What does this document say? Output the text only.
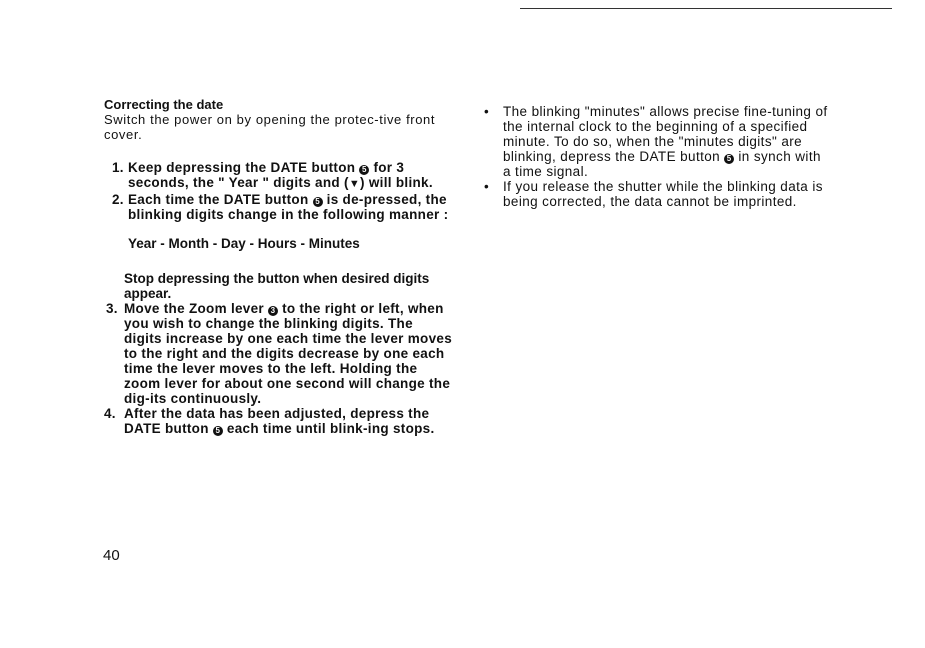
Correcting the date
Switch the power on by opening the protec-tive front cover.
1. Keep depressing the DATE button 5 for 3 seconds, the " Year " digits and (▼) will blink.
2. Each time the DATE button 5 is de-pressed, the blinking digits change in the following manner :
Year - Month - Day - Hours - Minutes
Stop depressing the button when desired digits appear.
3. Move the Zoom lever 3 to the right or left, when you wish to change the blinking digits. The digits increase by one each time the lever moves to the right and the digits decrease by one each time the lever moves to the left. Holding the zoom lever for about one second will change the dig-its continuously.
4. After the data has been adjusted, depress the DATE button 5 each time until blink-ing stops.
• The blinking "minutes" allows precise fine-tuning of the internal clock to the beginning of a specified minute. To do so, when the "minutes digits" are blinking, depress the DATE button 5 in synch with a time signal.
• If you release the shutter while the blinking data is being corrected, the data cannot be imprinted.
40
